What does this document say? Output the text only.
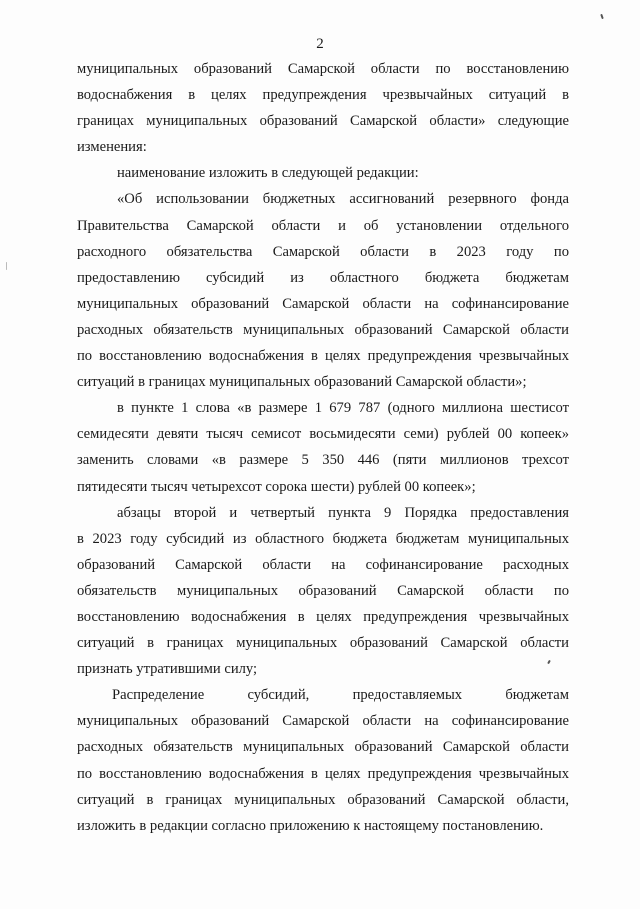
2
муниципальных образований Самарской области по восстановлению
водоснабжения в целях предупреждения чрезвычайных ситуаций в
границах муниципальных образований Самарской области» следующие
изменения:
наименование изложить в следующей редакции:
«Об использовании бюджетных ассигнований резервного фонда
Правительства Самарской области и об установлении отдельного
расходного обязательства Самарской области в 2023 году по
предоставлению субсидий из областного бюджета бюджетам
муниципальных образований Самарской области на софинансирование
расходных обязательств муниципальных образований Самарской области
по восстановлению водоснабжения в целях предупреждения чрезвычайных
ситуаций в границах муниципальных образований Самарской области»;
в пункте 1 слова «в размере 1 679 787 (одного миллиона шестисот
семидесяти девяти тысяч семисот восьмидесяти семи) рублей 00 копеек»
заменить словами «в размере 5 350 446 (пяти миллионов трехсот
пятидесяти тысяч четырехсот сорока шести) рублей 00 копеек»;
абзацы второй и четвертый пункта 9 Порядка предоставления
в 2023 году субсидий из областного бюджета бюджетам муниципальных
образований Самарской области на софинансирование расходных
обязательств муниципальных образований Самарской области по
восстановлению водоснабжения в целях предупреждения чрезвычайных
ситуаций в границах муниципальных образований Самарской области
признать утратившими силу;
Распределение субсидий, предоставляемых бюджетам
муниципальных образований Самарской области на софинансирование
расходных обязательств муниципальных образований Самарской области
по восстановлению водоснабжения в целях предупреждения чрезвычайных
ситуаций в границах муниципальных образований Самарской области,
изложить в редакции согласно приложению к настоящему постановлению.
